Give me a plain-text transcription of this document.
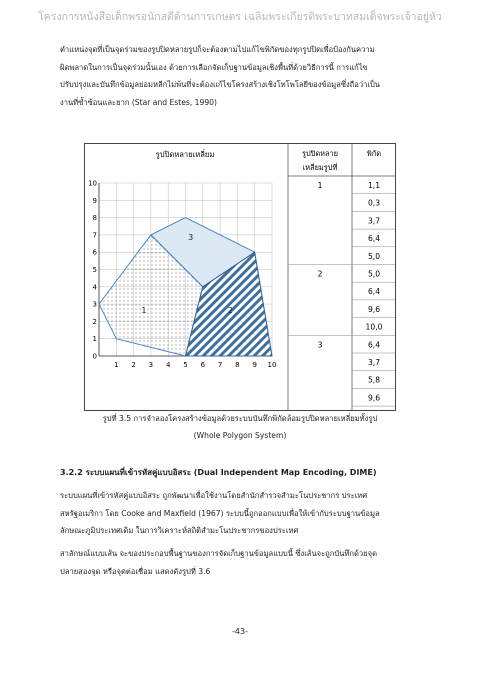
โครงการหนังสือเด็กพรอนักสดีด้านการเกษตร เฉลิมพระเกียรติพระบาทสมเด็จพระเจ้าอยู่หัว
ตำแหน่งจุดที่เป็นจุดร่วมของรูปปิดหลายรูปก็จะต้องตามไปแก้ไขพิกัดของทุกรูปปิดเพื่อป้องกันความ
ผิดพลาดในการเป็นจุดร่วมนั้นเอง ด้วยการเลือกจัดเก็บฐานข้อมูลเชิงพื้นที่ด้วยวิธีการนี้ การแก้ไข
ปรับปรุงและบันทึกข้อมูลย่อมหลีกไม่พ้นที่จะต้องแก้ไขโครงสร้างเชิงโทโพโลยีของข้อมูลซึ่งถือว่าเป็น
งานที่ซ้ำซ้อนและยาก (Star and Estes, 1990)
รูปปิดหลายเหลี่ยม	รูปปิดหลาย
เหลี่ยมรูปที่
พิกัด
1,1
0,3
3,7
6,4
5,0
1
5,0
6,4
9,6
10,0
2
6,4
3,7
5,8
9,6
3
3
1	2
1 2 3 4 5 6 7 8 9 10
0
1
2
3
4
5
6
7
8
9
10
รูปที่ 3.5 การจำลองโครงสร้างข้อมูลด้วยระบบบันทึกพิกัดล้อมรูปปิดหลายเหลี่ยมทั้งรูป
(Whole Polygon System)
3.2.2 ระบบแผนที่เข้ารหัสคู่แบบอิสระ (Dual Independent Map Encoding, DIME)
ระบบแผนที่เข้ารหัสคู่แบบอิสระ ถูกพัฒนาเพื่อใช้งานโดยสำนักสำรวจสำมะโนประชากร ประเทศ
สหรัฐอเมริกา โดย Cooke and Maxfield (1967) ระบบนี้ถูกออกแบบเพื่อให้เข้ากับระบบฐานข้อมูล
ลักษณะภูมิประเทศเดิม ในการวิเคราะห์สถิติสำมะโนประชากรของประเทศ
สาลักษณ์แบบเส้น จะของประกอบพื้นฐานของการจัดเก็บฐานข้อมูลแบบนี้ ซึ่งเส้นจะถูกบันทึกด้วยจุด
ปลายสองจุด หรือจุดต่อเชื่อม แสดงดังรูปที่ 3.6
-43-
